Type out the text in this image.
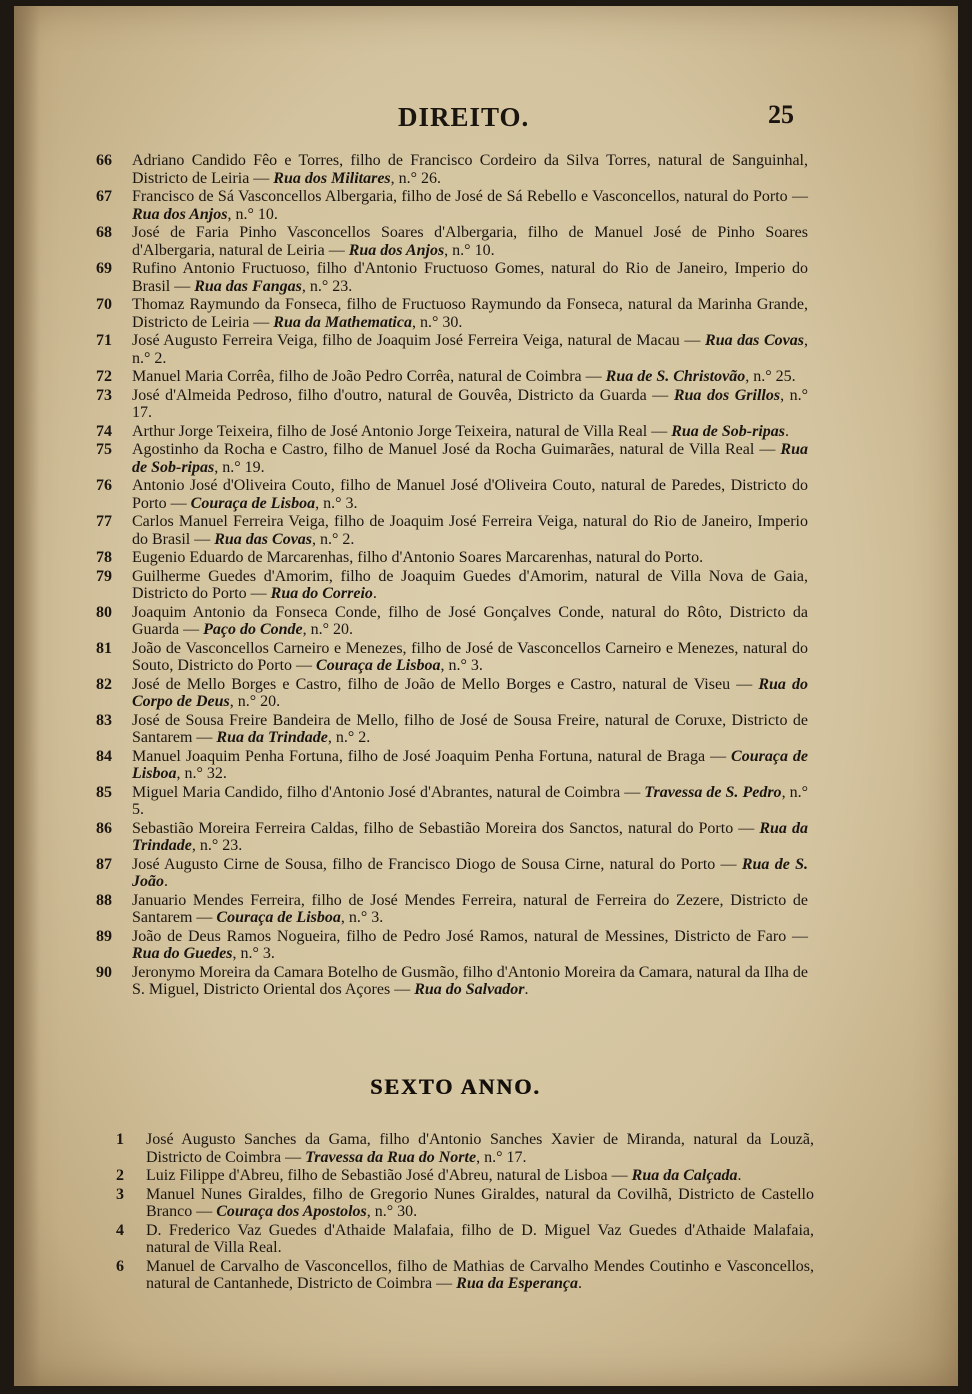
DIREITO.	25
66	Adriano Candido Fêo e Torres, filho de Francisco Cordeiro da Silva Torres, natural de Sanguinhal, Districto de Leiria — Rua dos Militares, n.° 26.
67	Francisco de Sá Vasconcellos Albergaria, filho de José de Sá Rebello e Vasconcellos, natural do Porto — Rua dos Anjos, n.° 10.
68	José de Faria Pinho Vasconcellos Soares d'Albergaria, filho de Manuel José de Pinho Soares d'Albergaria, natural de Leiria — Rua dos Anjos, n.° 10.
69	Rufino Antonio Fructuoso, filho d'Antonio Fructuoso Gomes, natural do Rio de Janeiro, Imperio do Brasil — Rua das Fangas, n.° 23.
70	Thomaz Raymundo da Fonseca, filho de Fructuoso Raymundo da Fonseca, natural da Marinha Grande, Districto de Leiria — Rua da Mathematica, n.° 30.
71	José Augusto Ferreira Veiga, filho de Joaquim José Ferreira Veiga, natural de Macau — Rua das Covas, n.° 2.
72	Manuel Maria Corrêa, filho de João Pedro Corrêa, natural de Coimbra — Rua de S. Christovão, n.° 25.
73	José d'Almeida Pedroso, filho d'outro, natural de Gouvêa, Districto da Guarda — Rua dos Grillos, n.° 17.
74	Arthur Jorge Teixeira, filho de José Antonio Jorge Teixeira, natural de Villa Real — Rua de Sob-ripas.
75	Agostinho da Rocha e Castro, filho de Manuel José da Rocha Guimarães, natural de Villa Real — Rua de Sob-ripas, n.° 19.
76	Antonio José d'Oliveira Couto, filho de Manuel José d'Oliveira Couto, natural de Paredes, Districto do Porto — Couraça de Lisboa, n.° 3.
77	Carlos Manuel Ferreira Veiga, filho de Joaquim José Ferreira Veiga, natural do Rio de Janeiro, Imperio do Brasil — Rua das Covas, n.° 2.
78	Eugenio Eduardo de Marcarenhas, filho d'Antonio Soares Marcarenhas, natural do Porto.
79	Guilherme Guedes d'Amorim, filho de Joaquim Guedes d'Amorim, natural de Villa Nova de Gaia, Districto do Porto — Rua do Correio.
80	Joaquim Antonio da Fonseca Conde, filho de José Gonçalves Conde, natural do Rôto, Districto da Guarda — Paço do Conde, n.° 20.
81	João de Vasconcellos Carneiro e Menezes, filho de José de Vasconcellos Carneiro e Menezes, natural do Souto, Districto do Porto — Couraça de Lisboa, n.° 3.
82	José de Mello Borges e Castro, filho de João de Mello Borges e Castro, natural de Viseu — Rua do Corpo de Deus, n.° 20.
83	José de Sousa Freire Bandeira de Mello, filho de José de Sousa Freire, natural de Coruxe, Districto de Santarem — Rua da Trindade, n.° 2.
84	Manuel Joaquim Penha Fortuna, filho de José Joaquim Penha Fortuna, natural de Braga — Couraça de Lisboa, n.° 32.
85	Miguel Maria Candido, filho d'Antonio José d'Abrantes, natural de Coimbra — Travessa de S. Pedro, n.° 5.
86	Sebastião Moreira Ferreira Caldas, filho de Sebastião Moreira dos Sanctos, natural do Porto — Rua da Trindade, n.° 23.
87	José Augusto Cirne de Sousa, filho de Francisco Diogo de Sousa Cirne, natural do Porto — Rua de S. João.
88	Januario Mendes Ferreira, filho de José Mendes Ferreira, natural de Ferreira do Zezere, Districto de Santarem — Couraça de Lisboa, n.° 3.
89	João de Deus Ramos Nogueira, filho de Pedro José Ramos, natural de Messines, Districto de Faro — Rua do Guedes, n.° 3.
90	Jeronymo Moreira da Camara Botelho de Gusmão, filho d'Antonio Moreira da Camara, natural da Ilha de S. Miguel, Districto Oriental dos Açores — Rua do Salvador.
SEXTO ANNO.
1	José Augusto Sanches da Gama, filho d'Antonio Sanches Xavier de Miranda, natural da Louzã, Districto de Coimbra — Travessa da Rua do Norte, n.° 17.
2	Luiz Filippe d'Abreu, filho de Sebastião José d'Abreu, natural de Lisboa — Rua da Calçada.
3	Manuel Nunes Giraldes, filho de Gregorio Nunes Giraldes, natural da Covilhã, Districto de Castello Branco — Couraça dos Apostolos, n.° 30.
4	D. Frederico Vaz Guedes d'Athaide Malafaia, filho de D. Miguel Vaz Guedes d'Athaide Malafaia, natural de Villa Real.
6	Manuel de Carvalho de Vasconcellos, filho de Mathias de Carvalho Mendes Coutinho e Vasconcellos, natural de Cantanhede, Districto de Coimbra — Rua da Esperança.
